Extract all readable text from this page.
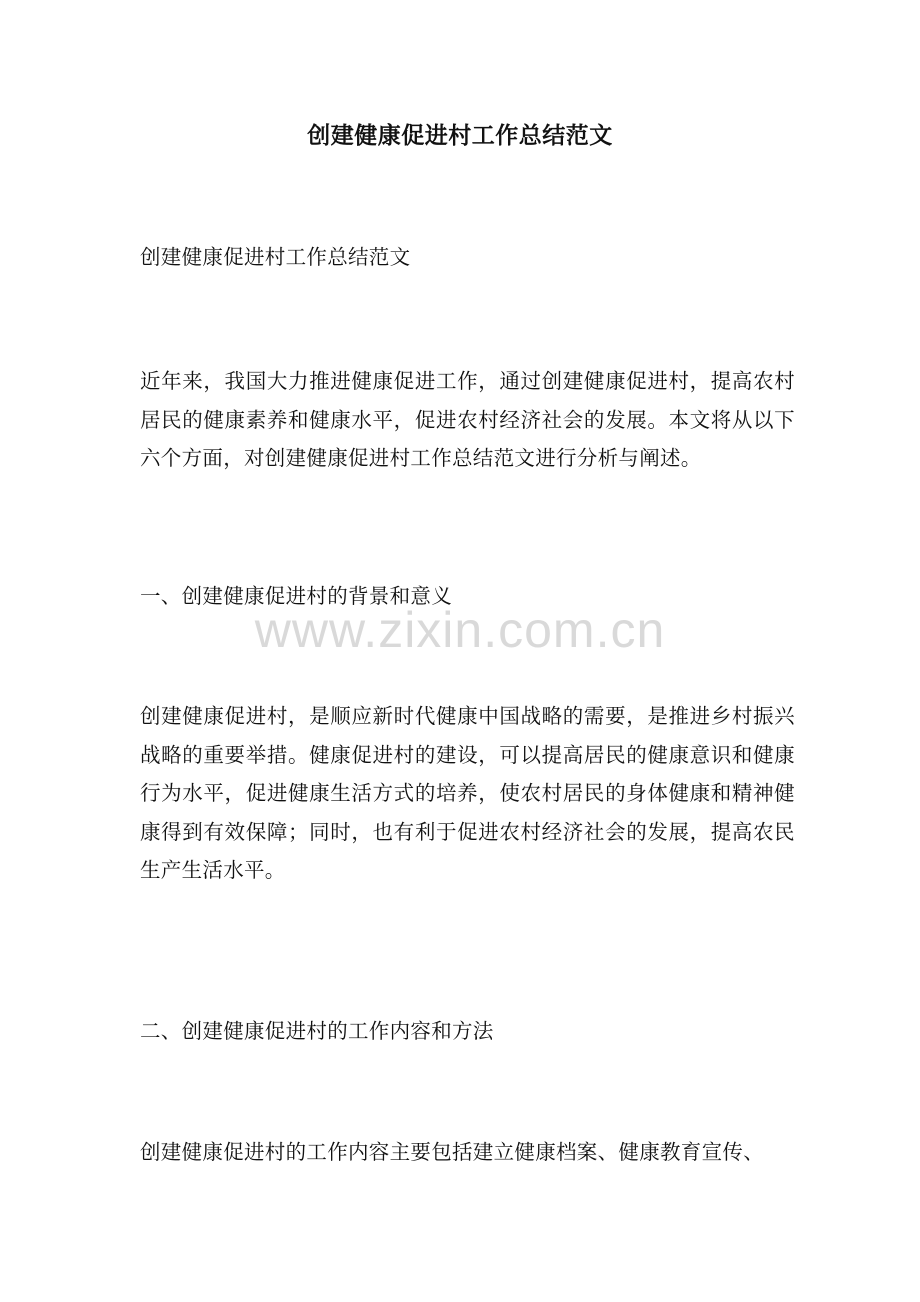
创建健康促进村工作总结范文
创建健康促进村工作总结范文
近年来，我国大力推进健康促进工作，通过创建健康促进村，提高农村居民的健康素养和健康水平，促进农村经济社会的发展。本文将从以下六个方面，对创建健康促进村工作总结范文进行分析与阐述。
一、创建健康促进村的背景和意义
www.zixin.com.cn
创建健康促进村，是顺应新时代健康中国战略的需要，是推进乡村振兴战略的重要举措。健康促进村的建设，可以提高居民的健康意识和健康行为水平，促进健康生活方式的培养，使农村居民的身体健康和精神健康得到有效保障；同时，也有利于促进农村经济社会的发展，提高农民生产生活水平。
二、创建健康促进村的工作内容和方法
创建健康促进村的工作内容主要包括建立健康档案、健康教育宣传、
